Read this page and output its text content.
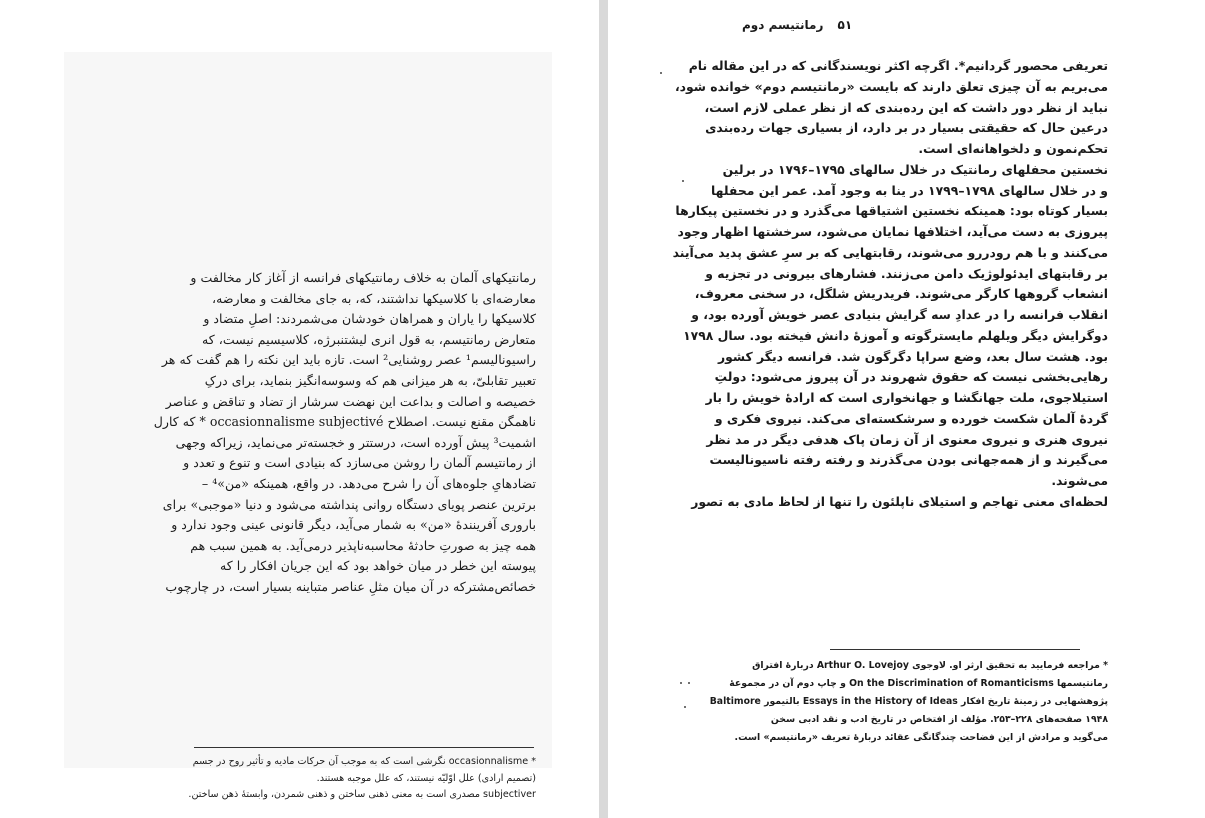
رمانتیکهای آلمان به خلاف رمانتیکهای فرانسه از آغاز کار مخالفت و
معارضه‌ای با کلاسیکها نداشتند، که، به جای مخالفت و معارضه،
کلاسیکها را یاران و همراهان خودشان می‌شمردند: اصلِ متضاد و
متعارض رمانتیسم، به قول انری لیشتنبرژه، کلاسیسیم نیست، که
راسیونالیسم¹ عصر روشنایی² است. تازه باید این نکته را هم گفت که هر
تعبیر تقابلیّ، به هر میزانی هم که وسوسه‌انگیز بنماید، برای درکِ
خصیصه و اصالت و بداعت این نهضت سرشار از تضاد و تناقض و عناصر
ناهمگن مقنع نیست. اصطلاح occasionnalisme subjectivé * که کارل
اشمیت³ پیش آورده است، درستتر و خجسته‌تر می‌نماید، زیراکه وجهی
از رمانتیسم آلمان را روشن می‌سازد که بنیادی است و تنوع و تعدد و
تضادهایِ جلوه‌های آن را شرح می‌دهد. در واقع، همینکه «من»⁴ –
برترین عنصر پویای دستگاه روانی پنداشته می‌شود و دنیا «موجبی» برای
باروری آفرینندهٔ «من» به شمار می‌آید، دیگر قانونی عینی وجود ندارد و
همه چیز به صورتِ حادثهٔ محاسبه‌ناپذیر درمی‌آید. به همین سبب هم
پیوسته این خطر در میان خواهد بود که این جریان افکار را که
خصائص‌مشترکه در آن میان مثلِ عناصر متباینه بسیار است، در چارچوب
* occasionnalisme نگرشی است که به موجب آن حرکات مادیه و تأثیر روح در جسم
(تصمیم ارادی) علل اوّلیّه نیستند، که علل موجبه هستند.
subjectiver مصدری است به معنی ذهنی ساختن و ذهنی شمردن، وابستهٔ ذهن ساختن.
۵۱ رمانتیسم دوم
تعریفی محصور گردانیم*. اگرچه اکثر نویسندگانی که در این مقاله نام
می‌بریم به آن چیزی تعلق دارند که بایست «رمانتیسم دوم» خوانده شود،
نباید از نظر دور داشت که این رده‌بندی که از نظر عملی لازم است،
درعین حال که حقیقتی بسیار در بر دارد، از بسیاری جهات رده‌بندی
تحکم‌نمون و دلخواهانه‌ای است.
نخستین محفلهای رمانتیک در خلال سالهای ۱۷۹۵–۱۷۹۶ در برلین
و در خلال سالهای ۱۷۹۸–۱۷۹۹ در ینا به وجود آمد. عمر این محفلها
بسیار کوتاه بود: همینکه نخستین اشتیاقها می‌گذرد و در نخستین پیکارها
پیروزی به دست می‌آید، اختلافها نمایان می‌شود، سرخشتها اظهار وجود
می‌کنند و با هم رودررو می‌شوند، رقابتهایی که بر سرِ عشق پدید می‌آیند
بر رقابتهای ایدئولوژیک دامن می‌زنند. فشارهای بیرونی در تجزیه و
انشعاب گروهها کارگر می‌شوند. فریدریش شلگل، در سخنی معروف،
انقلاب فرانسه را در عدادِ سه گرایش بنیادی عصر خویش آورده بود، و
دوگرایش دیگر ویلهلم مایسترگوته و آموزهٔ دانش فیخته بود. سال ۱۷۹۸
بود. هشت سال بعد، وضع سراپا دگرگون شد. فرانسه دیگر کشور
رهایی‌بخشی نیست که حقوق شهروند در آن پیروز می‌شود: دولتِ
استیلاجوی، ملت جهانگشا و جهانخواری است که ارادهٔ خویش را بار
گردهٔ آلمان شکست خورده و سرشکسته‌ای می‌کند. نیروی فکری و
نیروی هنری و نیروی معنوی از آن زمان پاک هدفی دیگر در مد نظر
می‌گیرند و از همه‌جهانی بودن می‌گذرند و رفته رفته ناسیونالیست
می‌شوند.
لحظه‌ای معنی تهاجم و استیلای ناپلئون را تنها از لحاظ مادی به تصور
* مراجعه فرمایید به تحقیق ارثر او. لاوجوی Arthur O. Lovejoy دربارهٔ افتراق
رمانتیسمها On the Discrimination of Romanticisms و چاپ دوم آن در مجموعهٔ
پژوهشهایی در زمینهٔ تاریخ افکار Essays in the History of Ideas بالتیمور Baltimore
۱۹۴۸ صفحه‌های ۲۲۸–۲۵۳. مؤلف از افتخاص در تاریخ ادب و نقد ادبی سخن
می‌گوید و مرادش از این فضاحت چندگانگی عقائد دربارهٔ تعریف «رمانتیسم» است.
